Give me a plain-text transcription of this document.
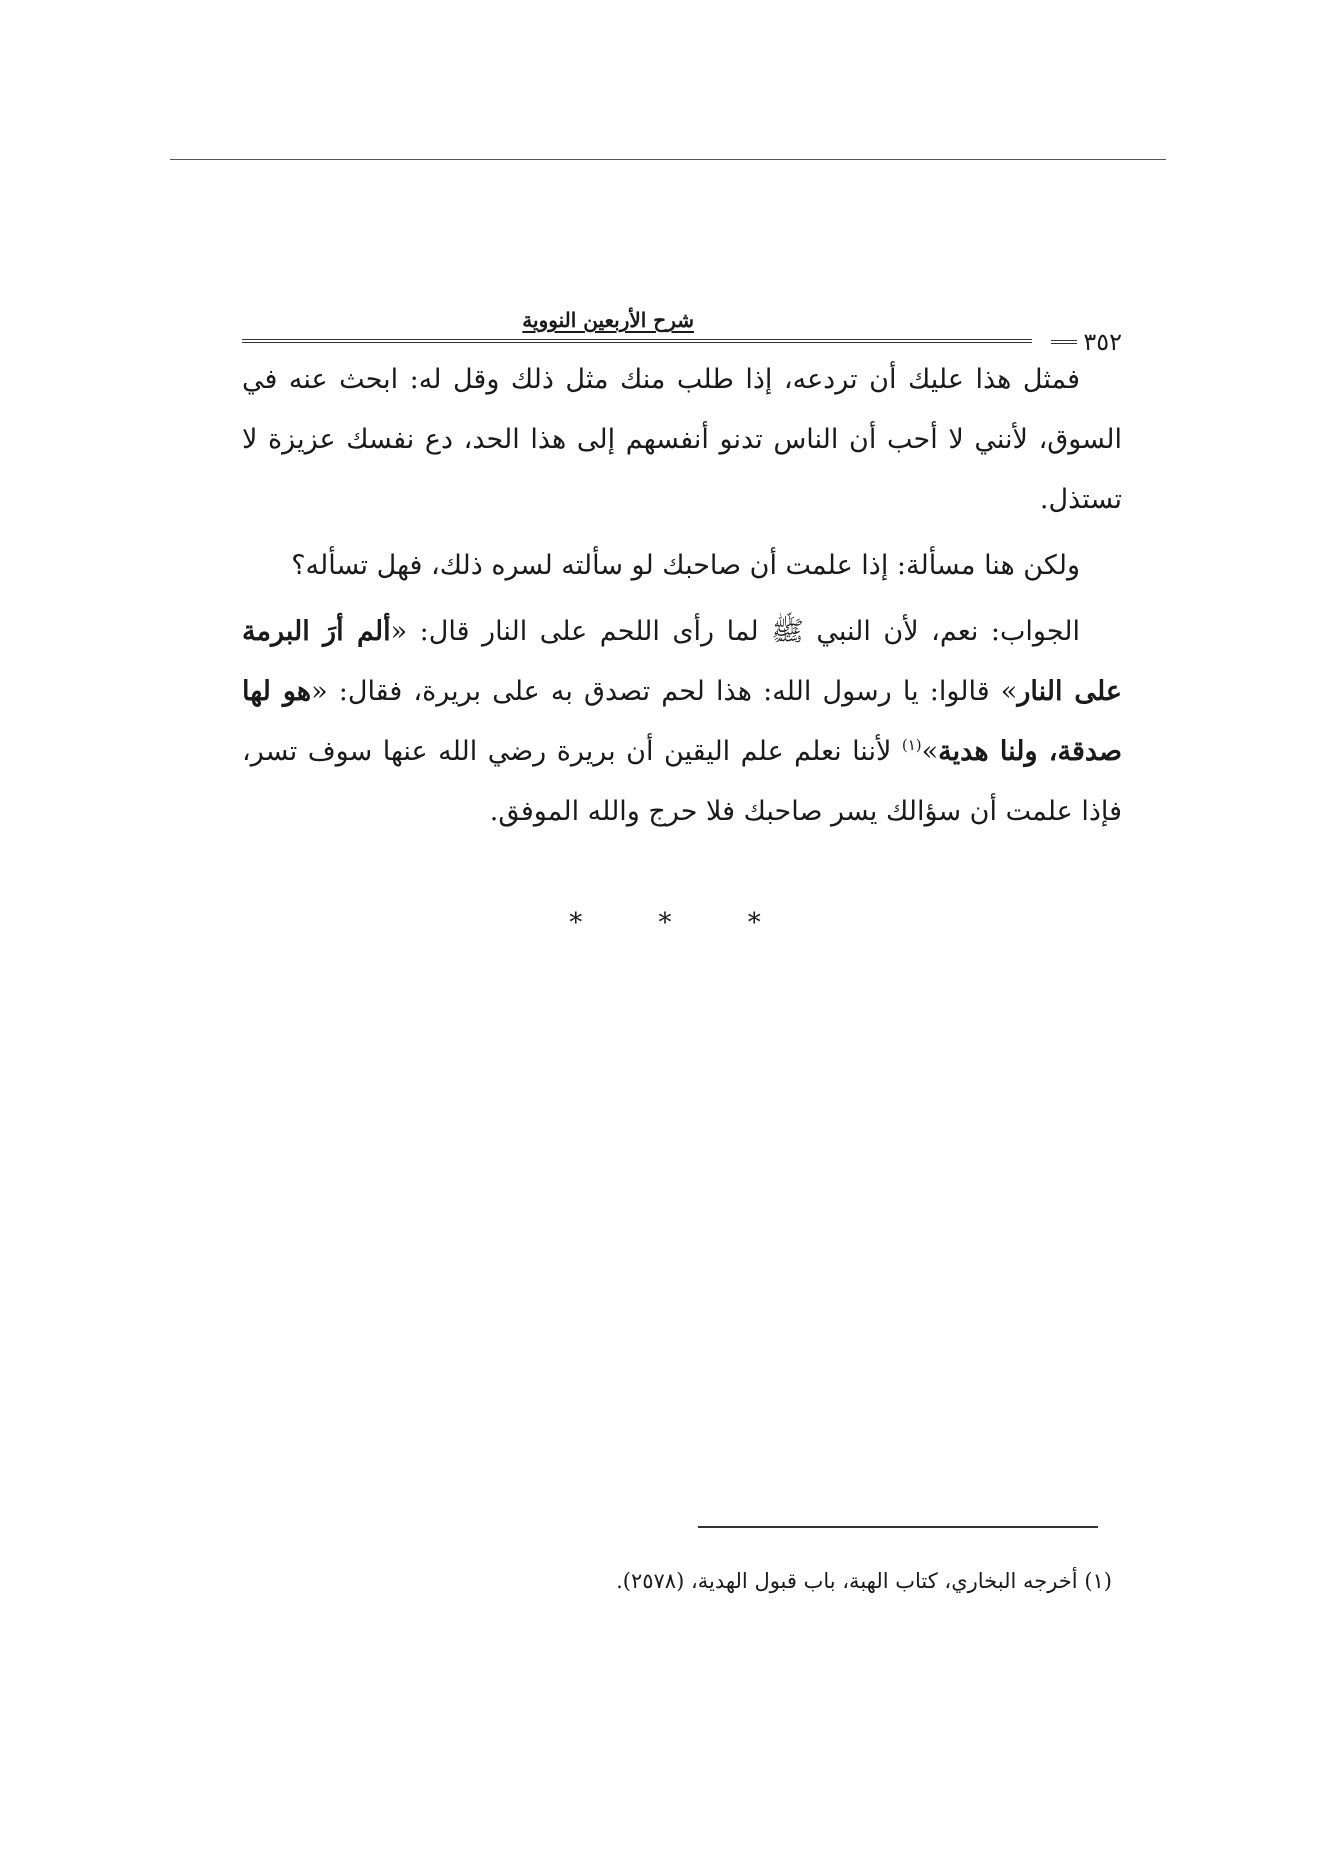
٣٥٢
شرح الأربعين النووية

فمثل هذا عليك أن تردعه، إذا طلب منك مثل ذلك وقل له: ابحث عنه في السوق، لأنني لا أحب أن الناس تدنو أنفسهم إلى هذا الحد، دع نفسك عزيزة لا تستذل.

ولكن هنا مسألة: إذا علمت أن صاحبك لو سألته لسره ذلك، فهل تسأله؟

الجواب: نعم، لأن النبي ﷺ لما رأى اللحم على النار قال: «ألم أرَ البرمة على النار» قالوا: يا رسول الله: هذا لحم تصدق به على بريرة، فقال: «هو لها صدقة، ولنا هدية»$^{(١)}$ لأننا نعلم علم اليقين أن بريرة رضي الله عنها سوف تسر، فإذا علمت أن سؤالك يسر صاحبك فلا حرج والله الموفق.

* * *
(١) أخرجه البخاري، كتاب الهبة، باب قبول الهدية، (٢٥٧٨).
